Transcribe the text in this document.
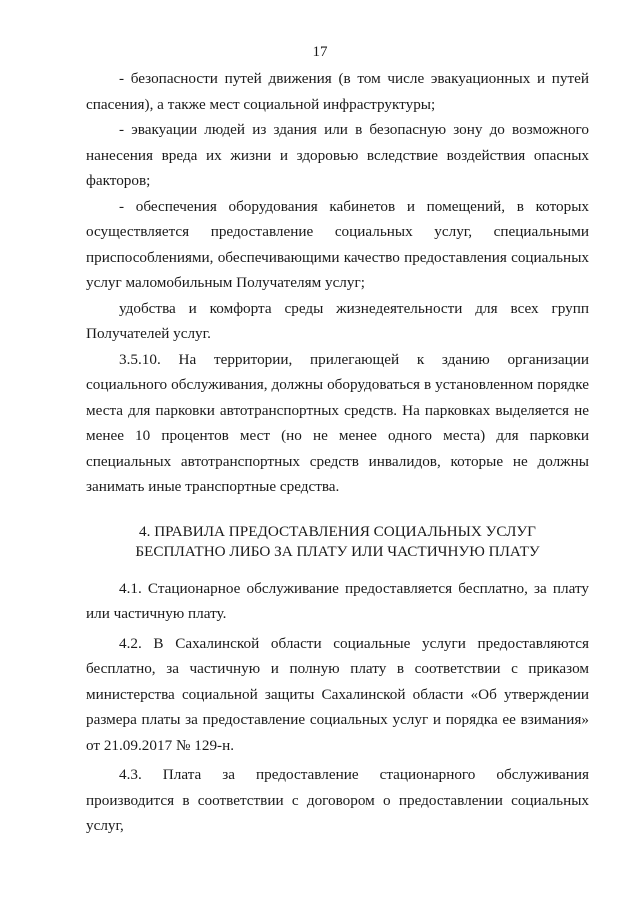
17

- безопасности путей движения (в том числе эвакуационных и путей спасения), а также мест социальной инфраструктуры;

- эвакуации людей из здания или в безопасную зону до возможного нанесения вреда их жизни и здоровью вследствие воздействия опасных факторов;

- обеспечения оборудования кабинетов и помещений, в которых осуществляется предоставление социальных услуг, специальными приспособлениями, обеспечивающими качество предоставления социальных услуг маломобильным Получателям услуг;

удобства и комфорта среды жизнедеятельности для всех групп Получателей услуг.

3.5.10. На территории, прилегающей к зданию организации социального обслуживания, должны оборудоваться в установленном порядке места для парковки автотранспортных средств. На парковках выделяется не менее 10 процентов мест (но не менее одного места) для парковки специальных автотранспортных средств инвалидов, которые не должны занимать иные транспортные средства.

4. ПРАВИЛА ПРЕДОСТАВЛЕНИЯ СОЦИАЛЬНЫХ УСЛУГ
БЕСПЛАТНО ЛИБО ЗА ПЛАТУ ИЛИ ЧАСТИЧНУЮ ПЛАТУ

4.1. Стационарное обслуживание предоставляется бесплатно, за плату или частичную плату.

4.2. В Сахалинской области социальные услуги предоставляются бесплатно, за частичную и полную плату в соответствии с приказом министерства социальной защиты Сахалинской области «Об утверждении размера платы за предоставление социальных услуг и порядка ее взимания» от 21.09.2017 № 129-н.

4.3. Плата за предоставление стационарного обслуживания производится в соответствии с договором о предоставлении социальных услуг,
